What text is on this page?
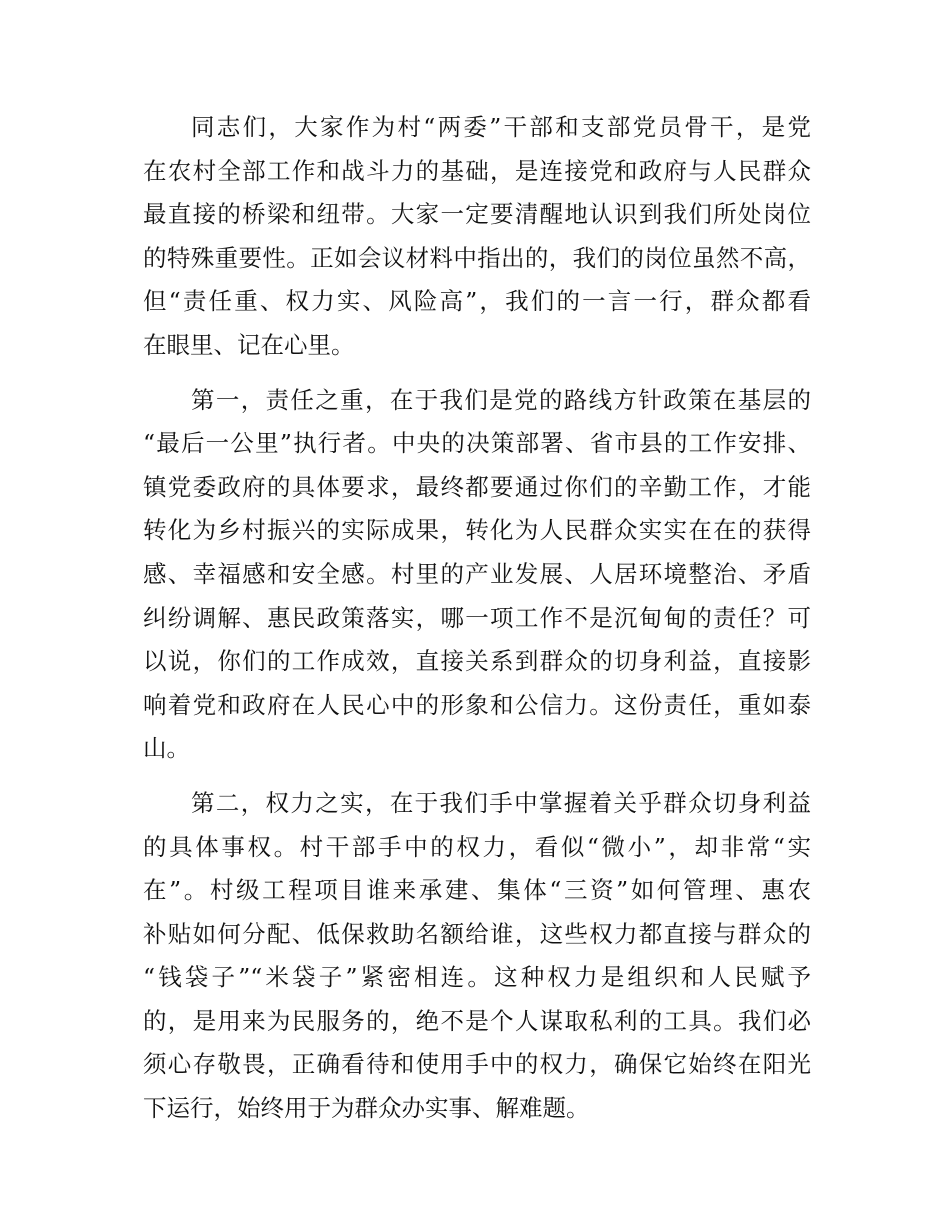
同志们，大家作为村“两委”干部和支部党员骨干，是党
在农村全部工作和战斗力的基础，是连接党和政府与人民群众
最直接的桥梁和纽带。大家一定要清醒地认识到我们所处岗位
的特殊重要性。正如会议材料中指出的，我们的岗位虽然不高，
但“责任重、权力实、风险高”，我们的一言一行，群众都看
在眼里、记在心里。
第一，责任之重，在于我们是党的路线方针政策在基层的
“最后一公里”执行者。中央的决策部署、省市县的工作安排、
镇党委政府的具体要求，最终都要通过你们的辛勤工作，才能
转化为乡村振兴的实际成果，转化为人民群众实实在在的获得
感、幸福感和安全感。村里的产业发展、人居环境整治、矛盾
纠纷调解、惠民政策落实，哪一项工作不是沉甸甸的责任？可
以说，你们的工作成效，直接关系到群众的切身利益，直接影
响着党和政府在人民心中的形象和公信力。这份责任，重如泰
山。
第二，权力之实，在于我们手中掌握着关乎群众切身利益
的具体事权。村干部手中的权力，看似“微小”，却非常“实
在”。村级工程项目谁来承建、集体“三资”如何管理、惠农
补贴如何分配、低保救助名额给谁，这些权力都直接与群众的
“钱袋子”“米袋子”紧密相连。这种权力是组织和人民赋予
的，是用来为民服务的，绝不是个人谋取私利的工具。我们必
须心存敬畏，正确看待和使用手中的权力，确保它始终在阳光
下运行，始终用于为群众办实事、解难题。
